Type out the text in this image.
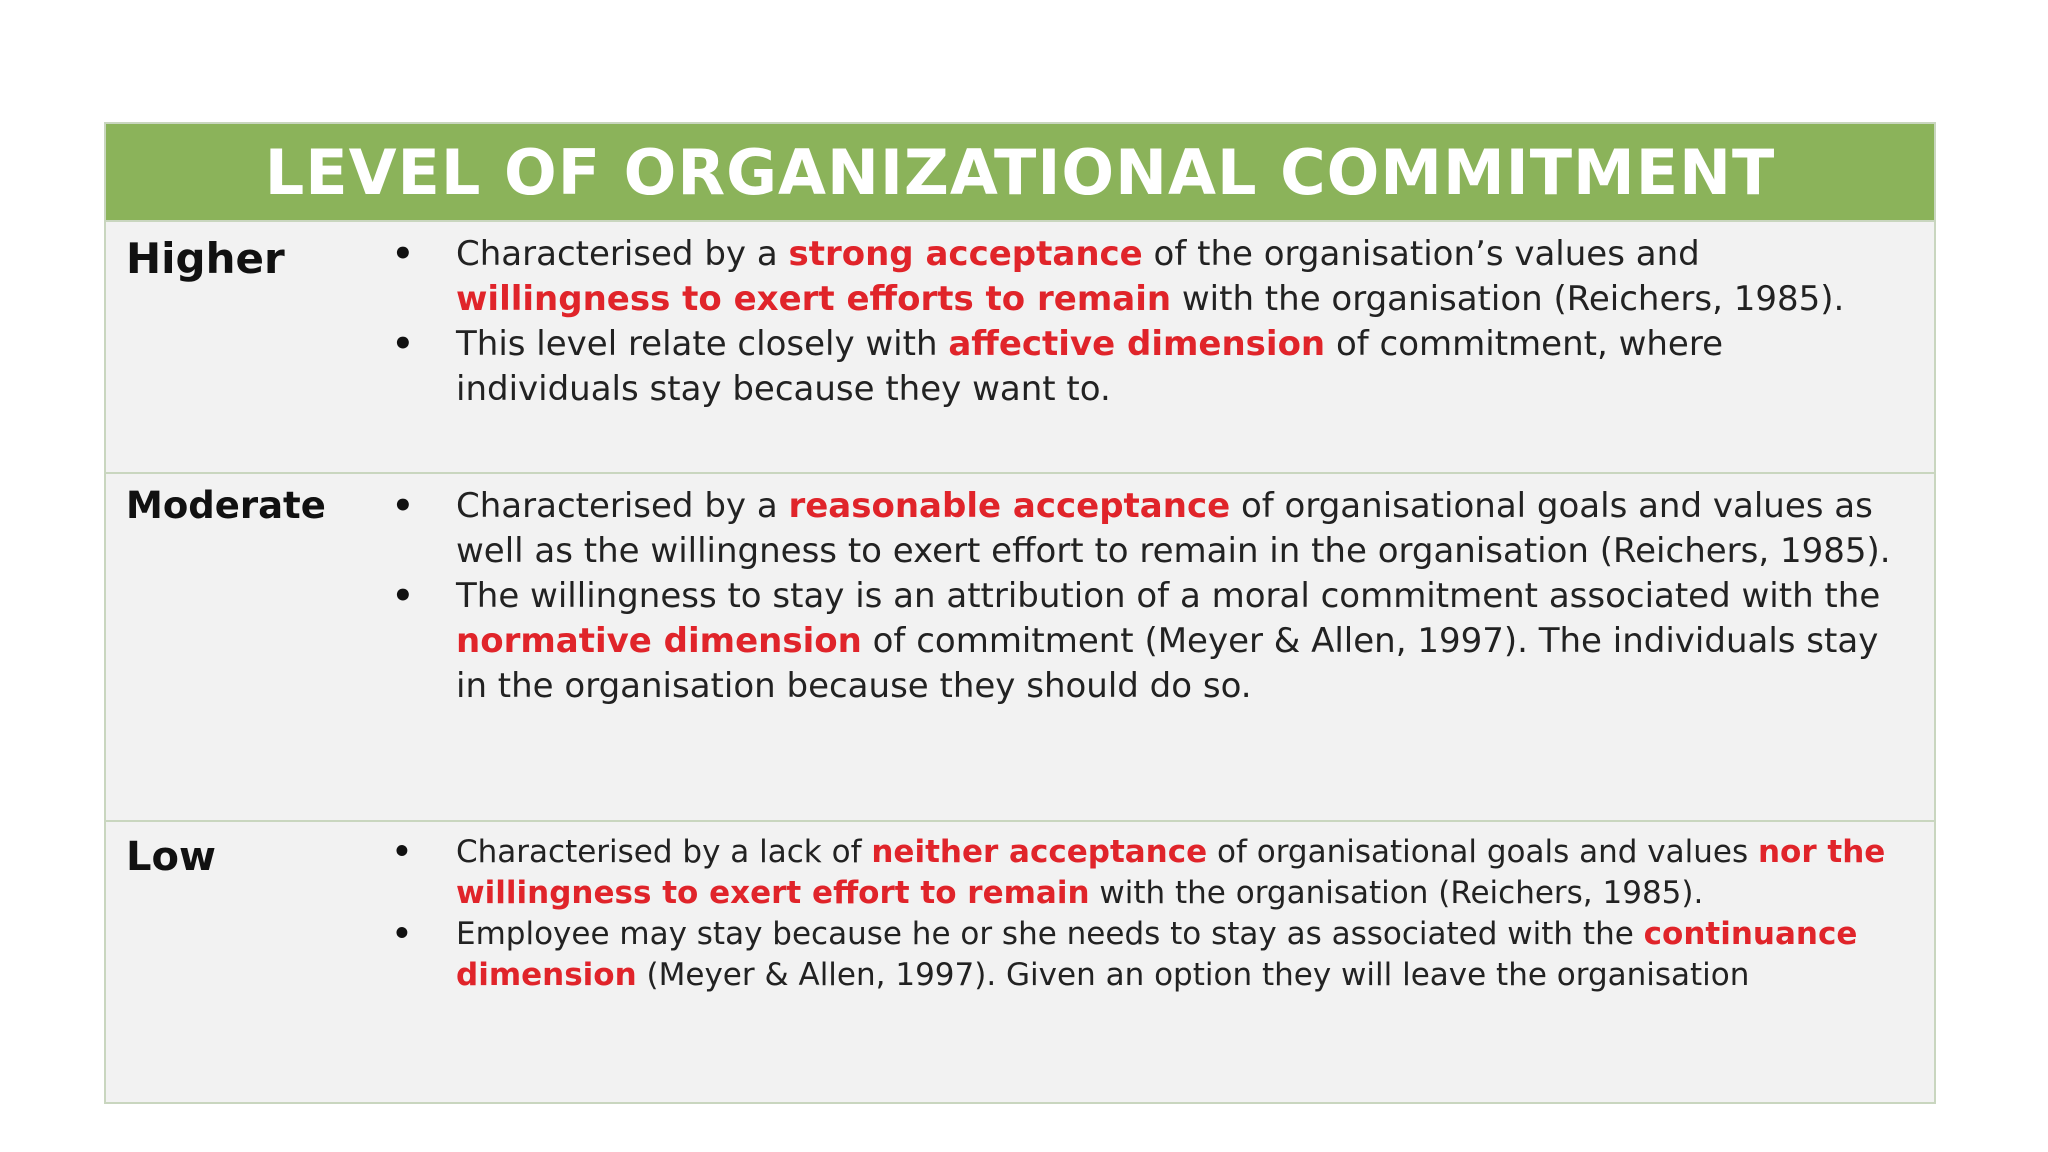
LEVEL OF ORGANIZATIONAL COMMITMENT
Higher	• Characterised by a strong acceptance of the organisation’s values and willingness to exert efforts to remain with the organisation (Reichers, 1985).
• This level relate closely with affective dimension of commitment, where individuals stay because they want to.
Moderate	• Characterised by a reasonable acceptance of organisational goals and values as well as the willingness to exert effort to remain in the organisation (Reichers, 1985).
• The willingness to stay is an attribution of a moral commitment associated with the normative dimension of commitment (Meyer & Allen, 1997). The individuals stay in the organisation because they should do so.
Low	• Characterised by a lack of neither acceptance of organisational goals and values nor the willingness to exert effort to remain with the organisation (Reichers, 1985).
• Employee may stay because he or she needs to stay as associated with the continuance dimension (Meyer & Allen, 1997). Given an option they will leave the organisation
